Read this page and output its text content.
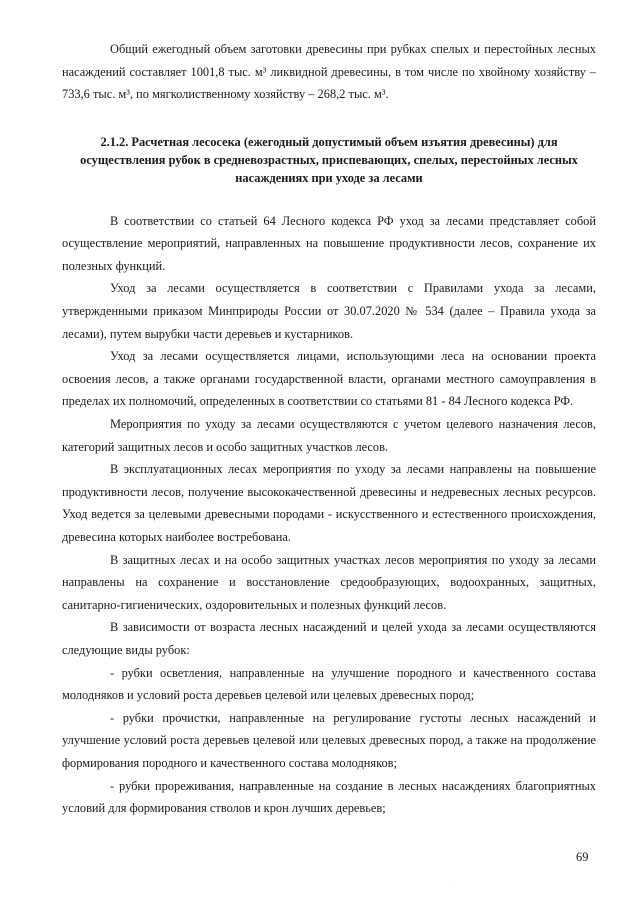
Общий ежегодный объем заготовки древесины при рубках спелых и перестойных лесных насаждений составляет 1001,8 тыс. м³ ликвидной древесины, в том числе по хвойному хозяйству – 733,6 тыс. м³, по мягколиственному хозяйству – 268,2 тыс. м³.

2.1.2. Расчетная лесосека (ежегодный допустимый объем изъятия древесины) для осуществления рубок в средневозрастных, приспевающих, спелых, перестойных лесных насаждениях при уходе за лесами

В соответствии со статьей 64 Лесного кодекса РФ уход за лесами представляет собой осуществление мероприятий, направленных на повышение продуктивности лесов, сохранение их полезных функций.

Уход за лесами осуществляется в соответствии с Правилами ухода за лесами, утвержденными приказом Минприроды России от 30.07.2020 № 534 (далее – Правила ухода за лесами), путем вырубки части деревьев и кустарников.

Уход за лесами осуществляется лицами, использующими леса на основании проекта освоения лесов, а также органами государственной власти, органами местного самоуправления в пределах их полномочий, определенных в соответствии со статьями 81 - 84 Лесного кодекса РФ.

Мероприятия по уходу за лесами осуществляются с учетом целевого назначения лесов, категорий защитных лесов и особо защитных участков лесов.

В эксплуатационных лесах мероприятия по уходу за лесами направлены на повышение продуктивности лесов, получение высококачественной древесины и недревесных лесных ресурсов. Уход ведется за целевыми древесными породами - искусственного и естественного происхождения, древесина которых наиболее востребована.

В защитных лесах и на особо защитных участках лесов мероприятия по уходу за лесами направлены на сохранение и восстановление средообразующих, водоохранных, защитных, санитарно-гигиенических, оздоровительных и полезных функций лесов.

В зависимости от возраста лесных насаждений и целей ухода за лесами осуществляются следующие виды рубок:

- рубки осветления, направленные на улучшение породного и качественного состава молодняков и условий роста деревьев целевой или целевых древесных пород;

- рубки прочистки, направленные на регулирование густоты лесных насаждений и улучшение условий роста деревьев целевой или целевых древесных пород, а также на продолжение формирования породного и качественного состава молодняков;

- рубки прореживания, направленные на создание в лесных насаждениях благоприятных условий для формирования стволов и крон лучших деревьев;

69
·
